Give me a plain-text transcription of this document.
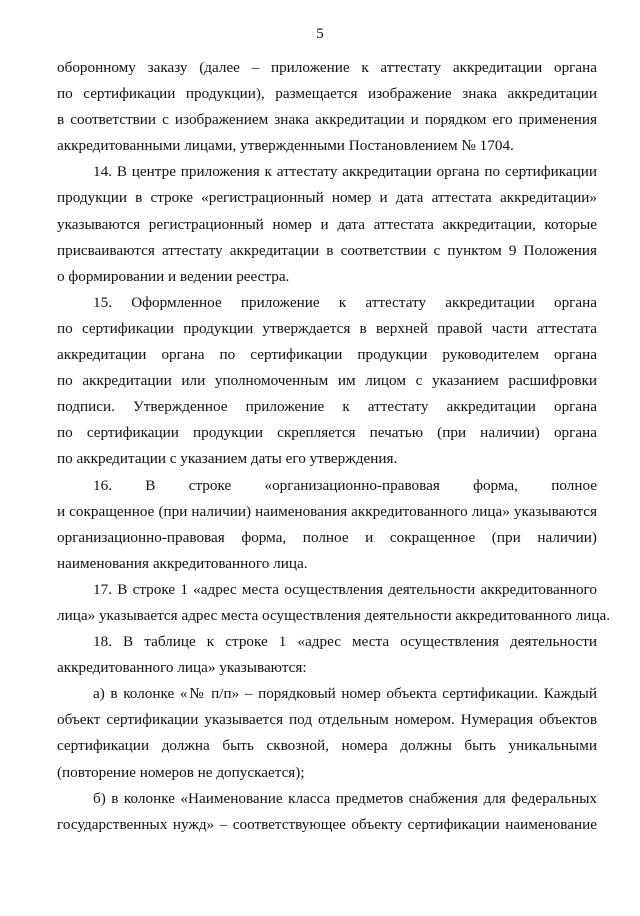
5

оборонному заказу (далее – приложение к аттестату аккредитации органа
по сертификации продукции), размещается изображение знака аккредитации
в соответствии с изображением знака аккредитации и порядком его применения
аккредитованными лицами, утвержденными Постановлением № 1704.

14. В центре приложения к аттестату аккредитации органа по сертификации
продукции в строке «регистрационный номер и дата аттестата аккредитации»
указываются регистрационный номер и дата аттестата аккредитации, которые
присваиваются аттестату аккредитации в соответствии с пунктом 9 Положения
о формировании и ведении реестра.

15. Оформленное приложение к аттестату аккредитации органа
по сертификации продукции утверждается в верхней правой части аттестата
аккредитации органа по сертификации продукции руководителем органа
по аккредитации или уполномоченным им лицом с указанием расшифровки
подписи. Утвержденное приложение к аттестату аккредитации органа
по сертификации продукции скрепляется печатью (при наличии) органа
по аккредитации с указанием даты его утверждения.

16. В строке «организационно-правовая форма, полное
и сокращенное (при наличии) наименования аккредитованного лица» указываются
организационно-правовая форма, полное и сокращенное (при наличии)
наименования аккредитованного лица.

17. В строке 1 «адрес места осуществления деятельности аккредитованного
лица» указывается адрес места осуществления деятельности аккредитованного лица.

18. В таблице к строке 1 «адрес места осуществления деятельности
аккредитованного лица» указываются:

а) в колонке «№ п/п» – порядковый номер объекта сертификации. Каждый
объект сертификации указывается под отдельным номером. Нумерация объектов
сертификации должна быть сквозной, номера должны быть уникальными
(повторение номеров не допускается);

б) в колонке «Наименование класса предметов снабжения для федеральных
государственных нужд» – соответствующее объекту сертификации наименование
